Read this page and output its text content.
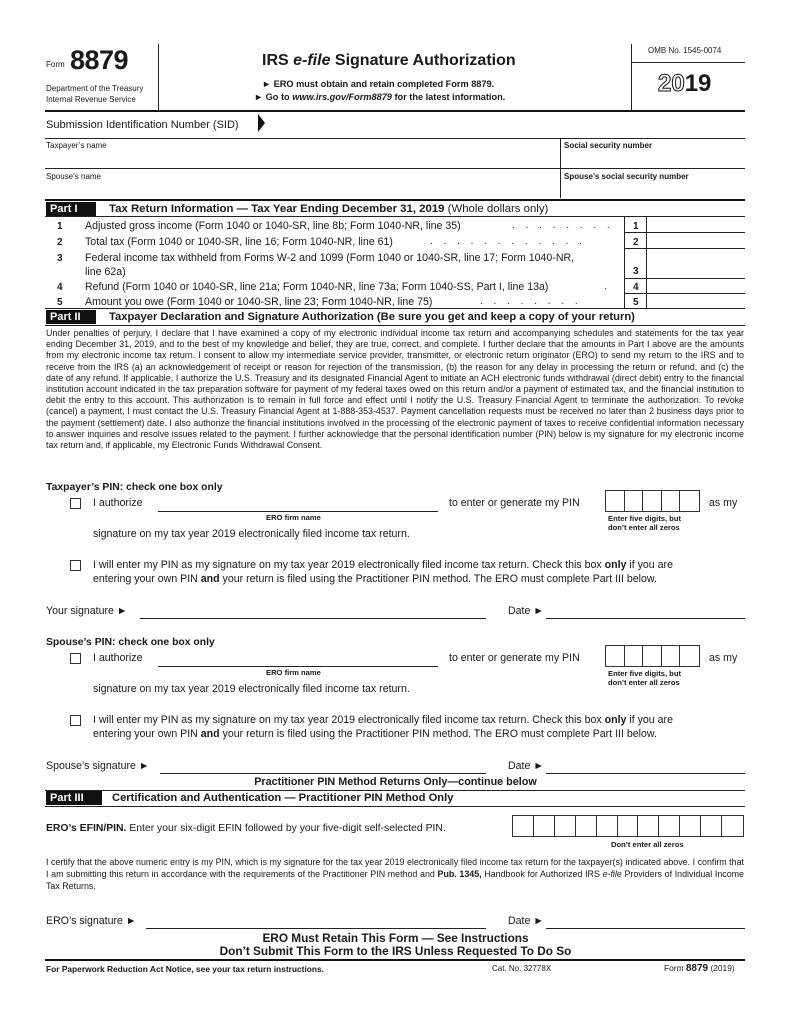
Form 8879
Department of the Treasury
Internal Revenue Service
IRS e-file Signature Authorization
► ERO must obtain and retain completed Form 8879.
► Go to www.irs.gov/Form8879 for the latest information.
OMB No. 1545-0074
2019
Submission Identification Number (SID)
Taxpayer’s name	Social security number
Spouse’s name	Spouse’s social security number
Part I	Tax Return Information — Tax Year Ending December 31, 2019 (Whole dollars only)
1 Adjusted gross income (Form 1040 or 1040-SR, line 8b; Form 1040-NR, line 35)	. . . . . . . . 1
2 Total tax (Form 1040 or 1040-SR, line 16; Form 1040-NR, line 61)	. . . . . . . . . . . .	2
3 Federal income tax withheld from Forms W-2 and 1099 (Form 1040 or 1040-SR, line 17; Form 1040-NR,
line 62a)	3
4 Refund (Form 1040 or 1040-SR, line 21a; Form 1040-NR, line 73a; Form 1040-SS, Part I, line 13a)	. 4
5 Amount you owe (Form 1040 or 1040-SR, line 23; Form 1040-NR, line 75)	. . . . . . . .	5
Part II	Taxpayer Declaration and Signature Authorization (Be sure you get and keep a copy of your return)
Under penalties of perjury, I declare that I have examined a copy of my electronic individual income tax return and accompanying schedules and statements for the tax year ending December 31, 2019, and to the best of my knowledge and belief, they are true, correct, and complete. I further declare that the amounts in Part I above are the amounts from my electronic income tax return. I consent to allow my intermediate service provider, transmitter, or electronic return originator (ERO) to send my return to the IRS and to receive from the IRS (a) an acknowledgement of receipt or reason for rejection of the transmission, (b) the reason for any delay in processing the return or refund, and (c) the date of any refund. If applicable, I authorize the U.S. Treasury and its designated Financial Agent to initiate an ACH electronic funds withdrawal (direct debit) entry to the financial institution account indicated in the tax preparation software for payment of my federal taxes owed on this return and/or a payment of estimated tax, and the financial institution to debit the entry to this account. This authorization is to remain in full force and effect until I notify the U.S. Treasury Financial Agent to terminate the authorization. To revoke (cancel) a payment, I must contact the U.S. Treasury Financial Agent at 1-888-353-4537. Payment cancellation requests must be received no later than 2 business days prior to the payment (settlement) date. I also authorize the financial institutions involved in the processing of the electronic payment of taxes to receive confidential information necessary to answer inquiries and resolve issues related to the payment. I further acknowledge that the personal identification number (PIN) below is my signature for my electronic income tax return and, if applicable, my Electronic Funds Withdrawal Consent.
Taxpayer’s PIN: check one box only
I authorize
ERO firm name
to enter or generate my PIN	as my
Enter five digits, but
don’t enter all zeros
signature on my tax year 2019 electronically filed income tax return.
I will enter my PIN as my signature on my tax year 2019 electronically filed income tax return. Check this box only if you are
entering your own PIN and your return is filed using the Practitioner PIN method. The ERO must complete Part III below.
Your signature ►	Date ►
Spouse’s PIN: check one box only
I authorize
ERO firm name
to enter or generate my PIN	as my
Enter five digits, but
don’t enter all zeros
signature on my tax year 2019 electronically filed income tax return.
I will enter my PIN as my signature on my tax year 2019 electronically filed income tax return. Check this box only if you are
entering your own PIN and your return is filed using the Practitioner PIN method. The ERO must complete Part III below.
Spouse’s signature ►	Date ►
Practitioner PIN Method Returns Only—continue below
Part III	Certification and Authentication — Practitioner PIN Method Only
ERO’s EFIN/PIN. Enter your six-digit EFIN followed by your five-digit self-selected PIN.
Don’t enter all zeros
I certify that the above numeric entry is my PIN, which is my signature for the tax year 2019 electronically filed income tax return for the taxpayer(s) indicated above. I confirm that I am submitting this return in accordance with the requirements of the Practitioner PIN method and Pub. 1345, Handbook for Authorized IRS e-file Providers of Individual Income Tax Returns.
ERO’s signature ►	Date ►
ERO Must Retain This Form — See Instructions
Don’t Submit This Form to the IRS Unless Requested To Do So
For Paperwork Reduction Act Notice, see your tax return instructions.	Cat. No. 32778X	Form 8879 (2019)
